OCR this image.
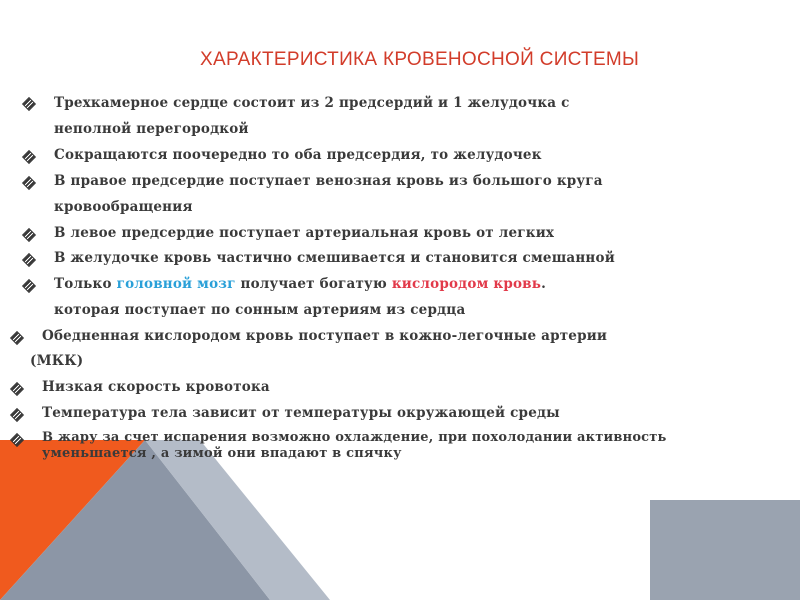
ХАРАКТЕРИСТИКА КРОВЕНОСНОЙ СИСТЕМЫ
Трехкамерное сердце состоит из 2 предсердий и 1 желудочка с
неполной перегородкой
Сокращаются поочередно то оба предсердия, то желудочек
В правое предсердие поступает венозная кровь из большого круга
кровообращения
В левое предсердие поступает артериальная кровь от легких
В желудочке кровь частично смешивается и становится смешанной
Только головной мозг получает богатую кислородом кровь.
которая поступает по сонным артериям из сердца
Обедненная кислородом кровь поступает в кожно-легочные артерии
(МКК)
Низкая скорость кровотока
Температура тела зависит от температуры окружающей среды
В жару за счет испарения возможно охлаждение, при похолодании активность
уменьшается , а зимой они впадают в спячку
